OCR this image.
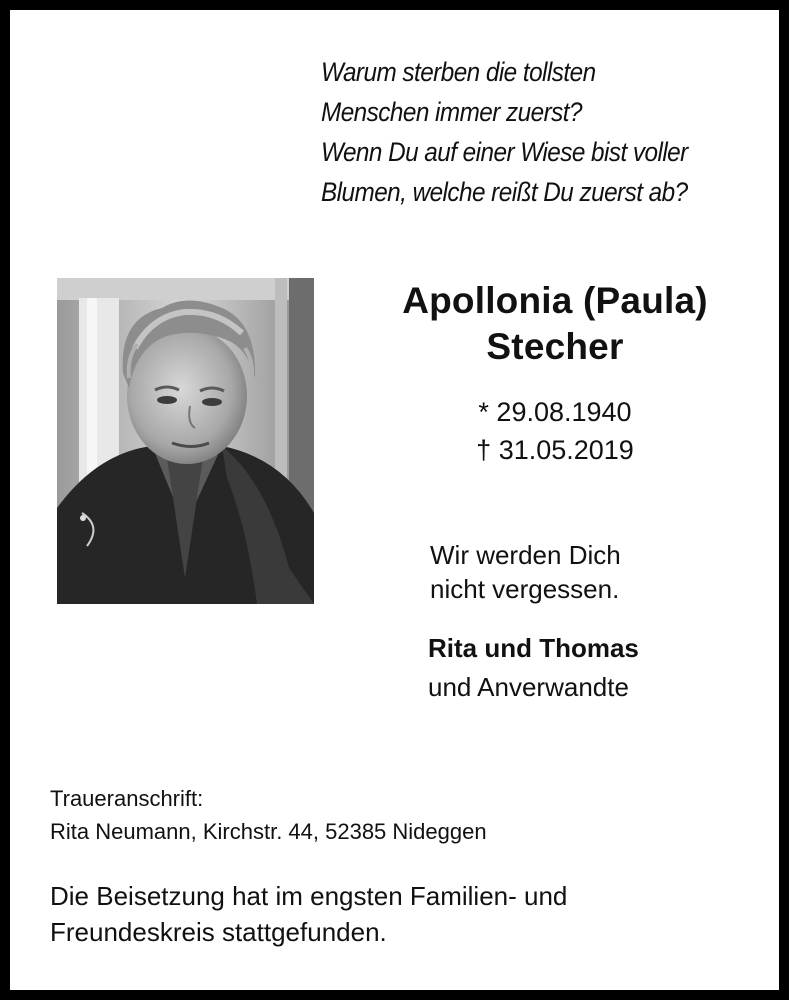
Warum sterben die tollsten
Menschen immer zuerst?
Wenn Du auf einer Wiese bist voller
Blumen, welche reißt Du zuerst ab?
Apollonia (Paula)
Stecher
* 29.08.1940
† 31.05.2019
Wir werden Dich
nicht vergessen.
Rita und Thomas
und Anverwandte
Traueranschrift:
Rita Neumann, Kirchstr. 44, 52385 Nideggen
Die Beisetzung hat im engsten Familien- und
Freundeskreis stattgefunden.
